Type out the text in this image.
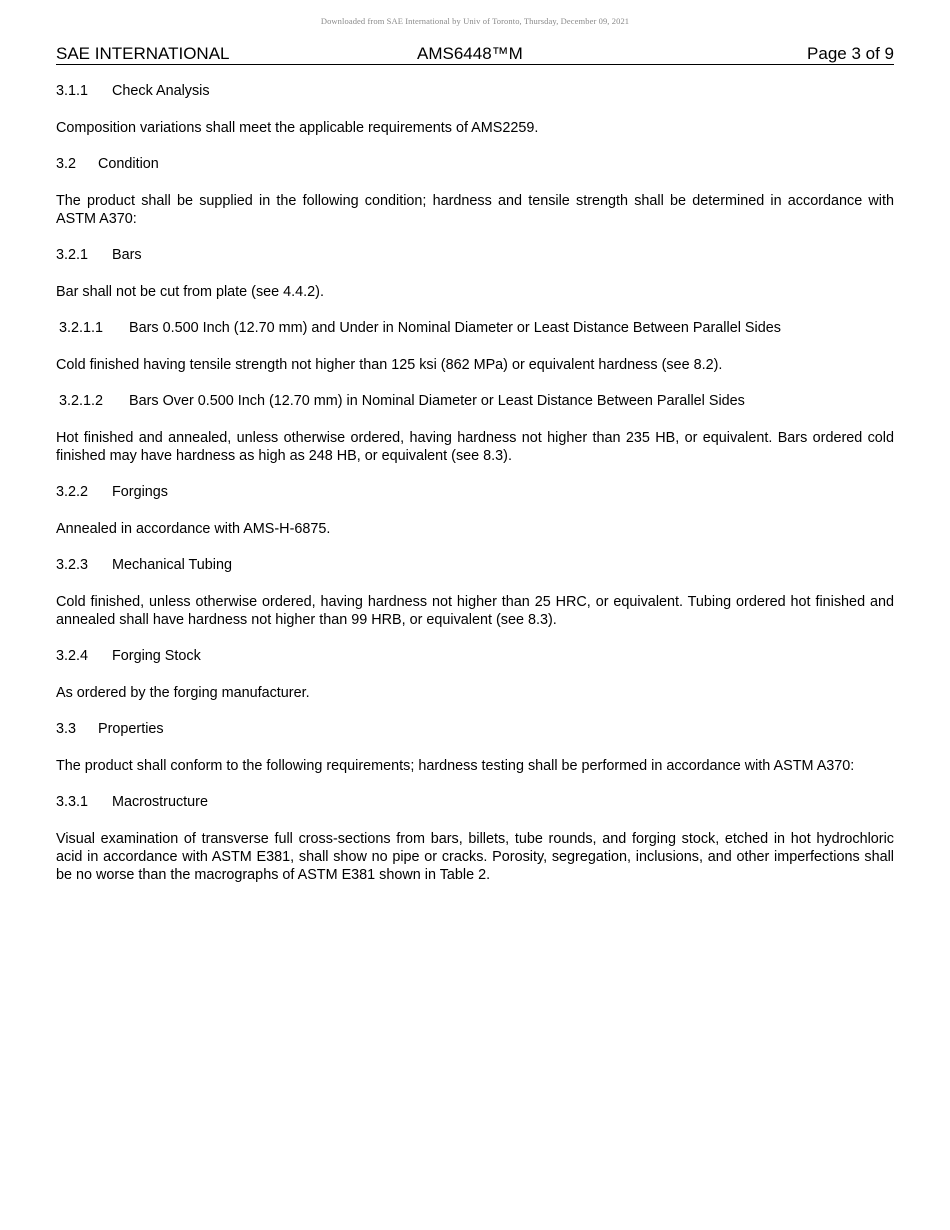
Downloaded from SAE International by Univ of Toronto, Thursday, December 09, 2021
SAE INTERNATIONAL	AMS6448™M	Page 3 of 9
3.1.1	Check Analysis
Composition variations shall meet the applicable requirements of AMS2259.
3.2	Condition
The product shall be supplied in the following condition; hardness and tensile strength shall be determined in accordance with ASTM A370:
3.2.1	Bars
Bar shall not be cut from plate (see 4.4.2).
3.2.1.1	Bars 0.500 Inch (12.70 mm) and Under in Nominal Diameter or Least Distance Between Parallel Sides
Cold finished having tensile strength not higher than 125 ksi (862 MPa) or equivalent hardness (see 8.2).
3.2.1.2	Bars Over 0.500 Inch (12.70 mm) in Nominal Diameter or Least Distance Between Parallel Sides
Hot finished and annealed, unless otherwise ordered, having hardness not higher than 235 HB, or equivalent. Bars ordered cold finished may have hardness as high as 248 HB, or equivalent (see 8.3).
3.2.2	Forgings
Annealed in accordance with AMS-H-6875.
3.2.3	Mechanical Tubing
Cold finished, unless otherwise ordered, having hardness not higher than 25 HRC, or equivalent. Tubing ordered hot finished and annealed shall have hardness not higher than 99 HRB, or equivalent (see 8.3).
3.2.4	Forging Stock
As ordered by the forging manufacturer.
3.3	Properties
The product shall conform to the following requirements; hardness testing shall be performed in accordance with ASTM A370:
3.3.1	Macrostructure
Visual examination of transverse full cross-sections from bars, billets, tube rounds, and forging stock, etched in hot hydrochloric acid in accordance with ASTM E381, shall show no pipe or cracks. Porosity, segregation, inclusions, and other imperfections shall be no worse than the macrographs of ASTM E381 shown in Table 2.
